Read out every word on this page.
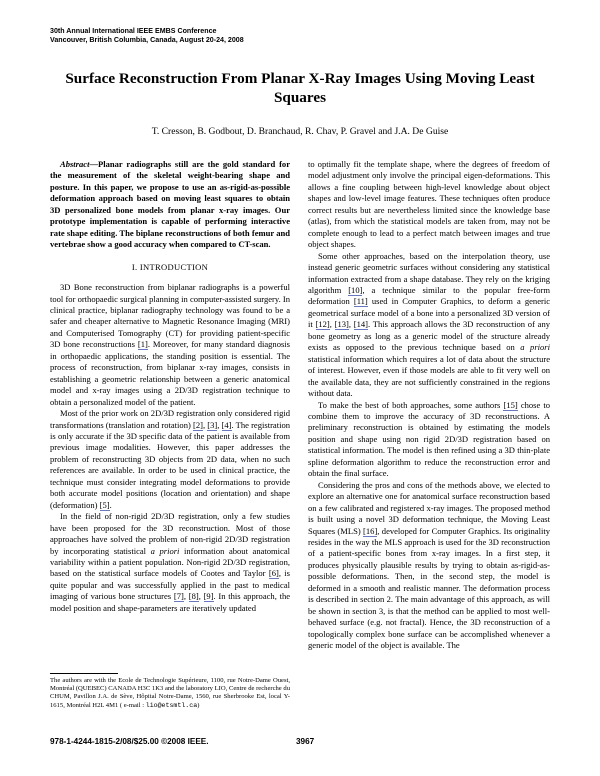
30th Annual International IEEE EMBS Conference
Vancouver, British Columbia, Canada, August 20-24, 2008
Surface Reconstruction From Planar X-Ray Images Using Moving Least Squares
T. Cresson, B. Godbout, D. Branchaud, R. Chav, P. Gravel and J.A. De Guise

Abstract—Planar radiographs still are the gold standard for the measurement of the skeletal weight-bearing shape and posture. In this paper, we propose to use an as-rigid-as-possible deformation approach based on moving least squares to obtain 3D personalized bone models from planar x-ray images. Our prototype implementation is capable of performing interactive rate shape editing. The biplane reconstructions of both femur and vertebrae show a good accuracy when compared to CT-scan.

I. INTRODUCTION

3D Bone reconstruction from biplanar radiographs is a powerful tool for orthopaedic surgical planning in computer-assisted surgery. In clinical practice, biplanar radiography technology was found to be a safer and cheaper alternative to Magnetic Resonance Imaging (MRI) and Computerised Tomography (CT) for providing patient-specific 3D bone reconstructions [1]. Moreover, for many standard diagnosis in orthopaedic applications, the standing position is essential. The process of reconstruction, from biplanar x-ray images, consists in establishing a geometric relationship between a generic anatomical model and x-ray images using a 2D/3D registration technique to obtain a personalized model of the patient.

Most of the prior work on 2D/3D registration only considered rigid transformations (translation and rotation) [2], [3], [4]. The registration is only accurate if the 3D specific data of the patient is available from previous image modalities. However, this paper addresses the problem of reconstructing 3D objects from 2D data, when no such references are available. In order to be used in clinical practice, the technique must consider integrating model deformations to provide both accurate model positions (location and orientation) and shape (deformation) [5].

In the field of non-rigid 2D/3D registration, only a few studies have been proposed for the 3D reconstruction. Most of those approaches have solved the problem of non-rigid 2D/3D registration by incorporating statistical a priori information about anatomical variability within a patient population. Non-rigid 2D/3D registration, based on the statistical surface models of Cootes and Taylor [6], is quite popular and was successfully applied in the past to medical imaging of various bone structures [7], [8], [9]. In this approach, the model position and shape-parameters are iteratively updated

to optimally fit the template shape, where the degrees of freedom of model adjustment only involve the principal eigen-deformations. This allows a fine coupling between high-level knowledge about object shapes and low-level image features. These techniques often produce correct results but are nevertheless limited since the knowledge base (atlas), from which the statistical models are taken from, may not be complete enough to lead to a perfect match between images and true object shapes.

Some other approaches, based on the interpolation theory, use instead generic geometric surfaces without considering any statistical information extracted from a shape database. They rely on the kriging algorithm [10], a technique similar to the popular free-form deformation [11] used in Computer Graphics, to deform a generic geometrical surface model of a bone into a personalized 3D version of it [12], [13], [14]. This approach allows the 3D reconstruction of any bone geometry as long as a generic model of the structure already exists as opposed to the previous technique based on a priori statistical information which requires a lot of data about the structure of interest. However, even if those models are able to fit very well on the available data, they are not sufficiently constrained in the regions without data.

To make the best of both approaches, some authors [15] chose to combine them to improve the accuracy of 3D reconstructions. A preliminary reconstruction is obtained by estimating the models position and shape using non rigid 2D/3D registration based on statistical information. The model is then refined using a 3D thin-plate spline deformation algorithm to reduce the reconstruction error and obtain the final surface.

Considering the pros and cons of the methods above, we elected to explore an alternative one for anatomical surface reconstruction based on a few calibrated and registered x-ray images. The proposed method is built using a novel 3D deformation technique, the Moving Least Squares (MLS) [16], developed for Computer Graphics. Its originality resides in the way the MLS approach is used for the 3D reconstruction of a patient-specific bones from x-ray images. In a first step, it produces physically plausible results by trying to obtain as-rigid-as-possible deformations. Then, in the second step, the model is deformed in a smooth and realistic manner. The deformation process is described in section 2. The main advantage of this approach, as will be shown in section 3, is that the method can be applied to most well-behaved surface (e.g. not fractal). Hence, the 3D reconstruction of a topologically complex bone surface can be accomplished whenever a generic model of the object is available. The

The authors are with the Ecole de Technologie Supérieure, 1100, rue Notre-Dame Ouest, Montréal (QUEBEC) CANADA H3C 1K3 and the laboratory LIO, Centre de recherche du CHUM, Pavillon J.A. de Sève, Hôpital Notre-Dame, 1560, rue Sherbrooke Est, local Y-1615, Montréal H2L 4M1 ( e-mail : lio@etsmtl.ca)
978-1-4244-1815-2/08/$25.00 ©2008 IEEE.	3967
